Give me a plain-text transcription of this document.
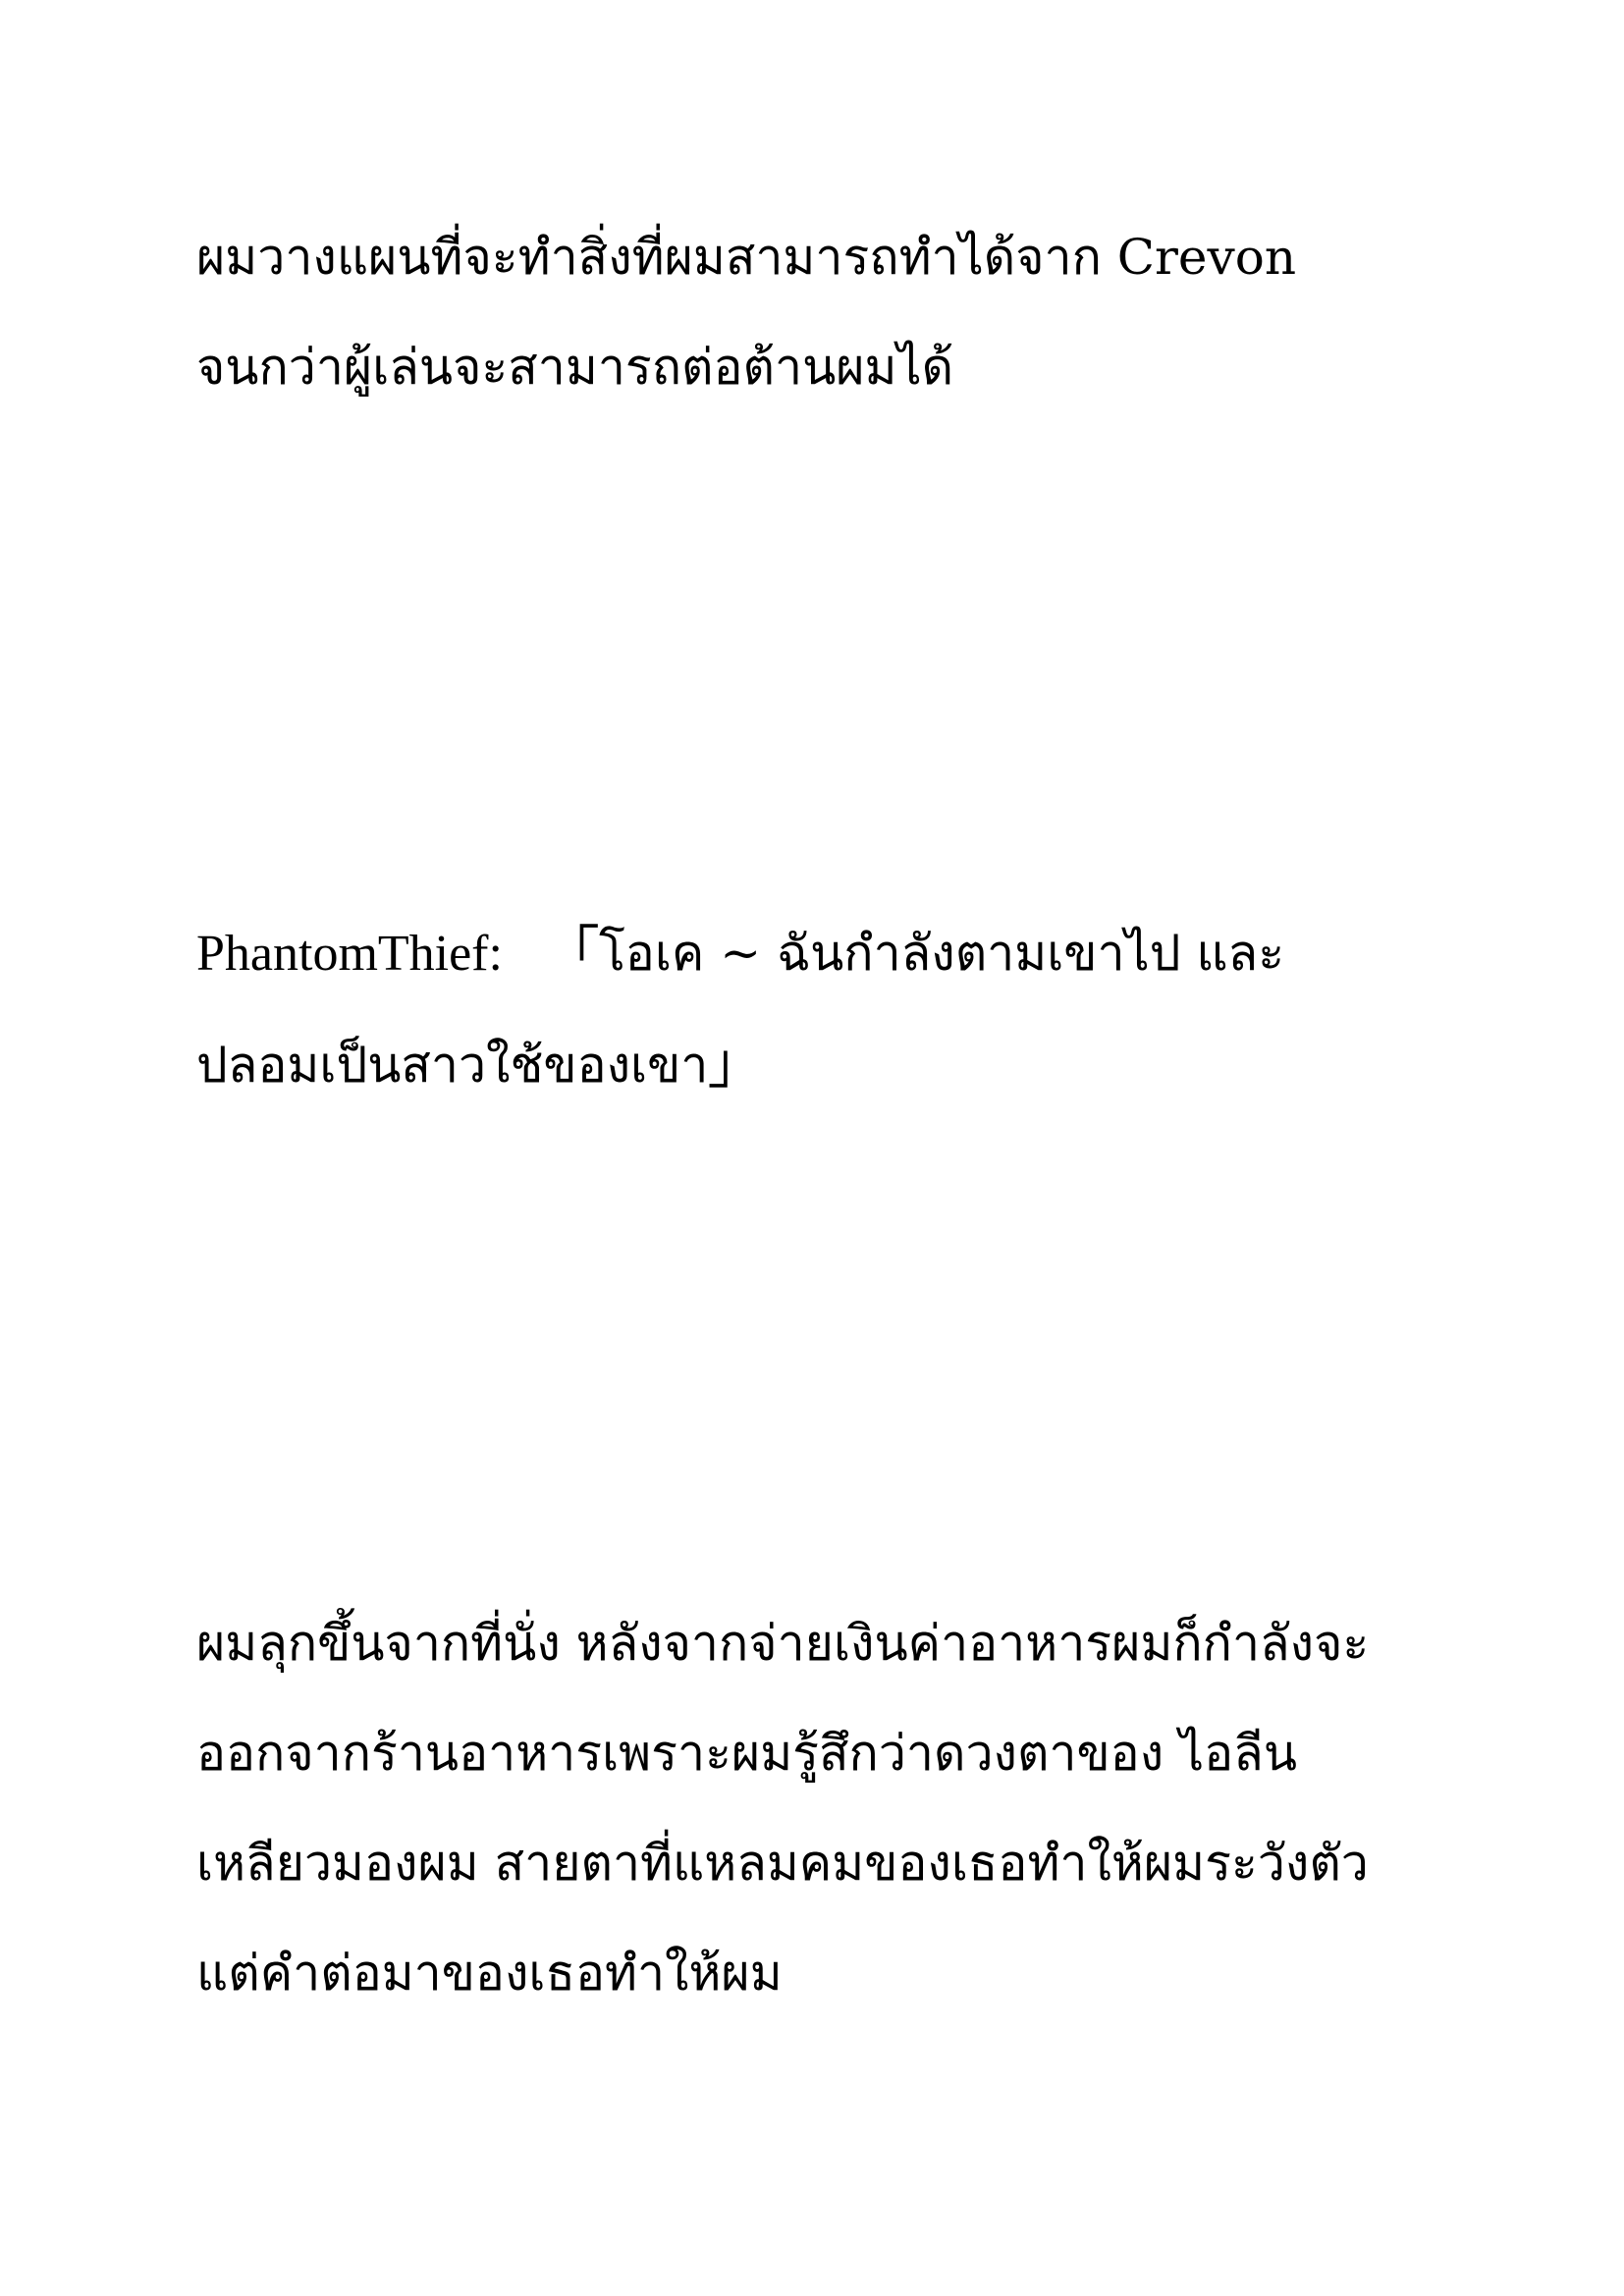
ผมวางแผนที่จะทำสิ่งที่ผมสามารถทำได้จาก Crevon
จนกว่าผู้เล่นจะสามารถต่อต้านผมได้
PhantomThief: 「โอเค ~ ฉันกำลังตามเขาไป และ
ปลอมเป็นสาวใช้ของเขา」
ผมลุกขึ้นจากที่นั่ง หลังจากจ่ายเงินค่าอาหารผมก็กำลังจะ
ออกจากร้านอาหารเพราะผมรู้สึกว่าดวงตาของ ไอลีน
เหลียวมองผม สายตาที่แหลมคมของเธอทำให้ผมระวังตัว
แต่คำต่อมาของเธอทำให้ผม
